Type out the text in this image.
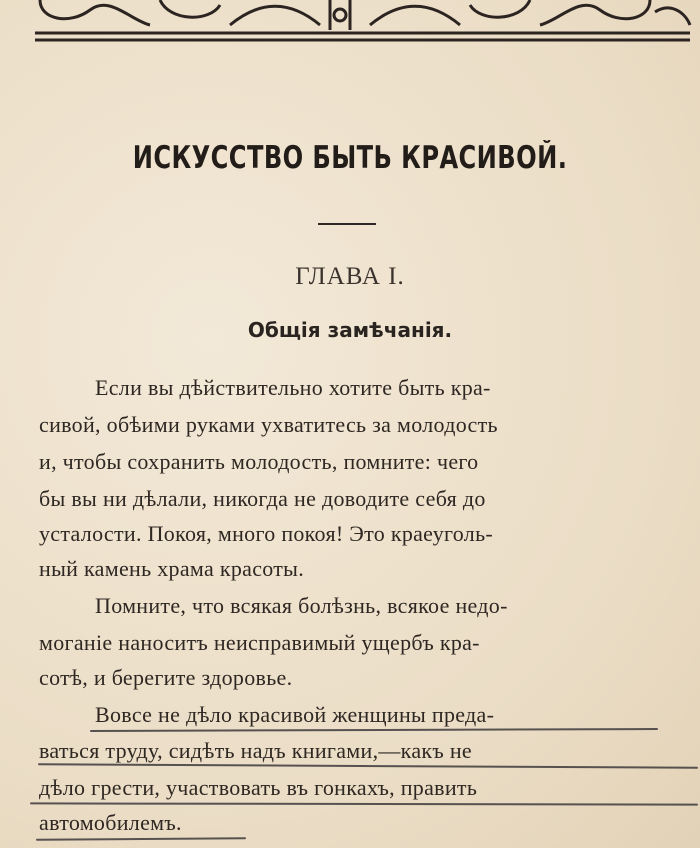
ИСКУССТВО БЫТЬ КРАСИВОЙ.
ГЛАВА I.
Общія замѣчанія.
Если вы дѣйствительно хотите быть кра-
сивой, обѣими руками ухватитесь за молодость
и, чтобы сохранить молодость, помните: чего
бы вы ни дѣлали, никогда не доводите себя до
усталости. Покоя, много покоя! Это краеуголь-
ный камень храма красоты.
Помните, что всякая болѣзнь, всякое недо-
моганіе наноситъ неисправимый ущербъ кра-
сотѣ, и берегите здоровье.
Вовсе не дѣло красивой женщины преда-
ваться труду, сидѣть надъ книгами,—какъ не
дѣло грести, участвовать въ гонкахъ, править
автомобилемъ.
